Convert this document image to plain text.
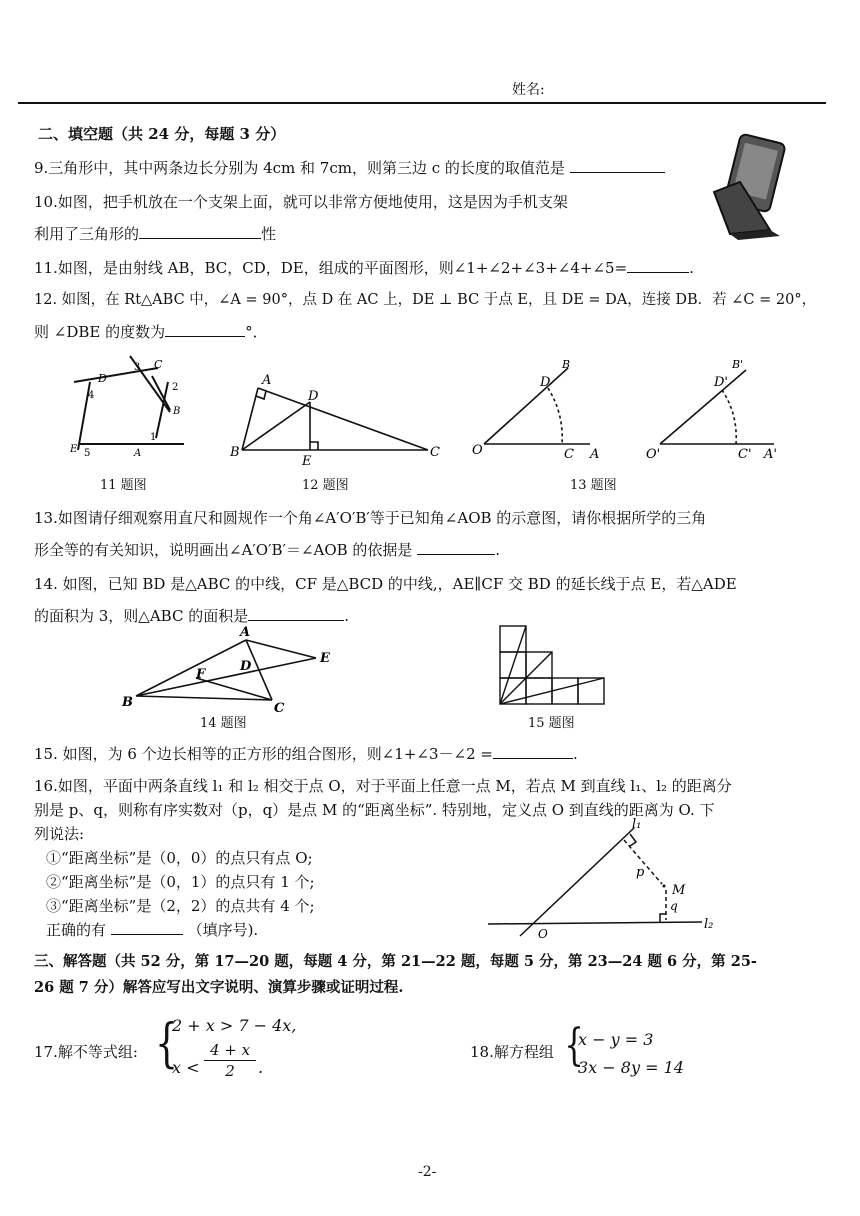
姓名:
二、填空题（共 24 分，每题 3 分）
9.三角形中，其中两条边长分别为 4cm 和 7cm，则第三边 c 的长度的取值范是
10.如图，把手机放在一个支架上面，就可以非常方便地使用，这是因为手机支架
利用了三角形的	性
11.如图，是由射线 AB，BC，CD，DE，组成的平面图形，则∠1+∠2+∠3+∠4+∠5=	.
12. 如图，在 Rt△ABC 中，∠A = 90°，点 D 在 AC 上，DE ⊥ BC 于点 E，且 DE = DA，连接 DB．若 ∠C = 20°，
则 ∠DBE 的度数为	°．
D
C
3
4
2
B
1
A
5
E
A
D
B
E
C O
D
B
C A	O'
D'
B'
C' A'
11 题图	12 题图	13 题图
13.如图请仔细观察用直尺和圆规作一个角∠A′O′B′等于已知角∠AOB 的示意图，请你根据所学的三角
形全等的有关知识，说明画出∠A′O′B′＝∠AOB 的依据是	.
14. 如图，已知 BD 是△ABC 的中线，CF 是△BCD 的中线,，AE∥CF 交 BD 的延长线于点 E，若△ADE
的面积为 3，则△ABC 的面积是	.
A
E
D
F
B	C
14 题图	15 题图
15. 如图，为 6 个边长相等的正方形的组合图形，则∠1+∠3－∠2 =	.
16.如图，平面中两条直线 l₁ 和 l₂ 相交于点 O，对于平面上任意一点 M，若点 M 到直线 l₁、l₂ 的距离分
别是 p、q，则称有序实数对（p，q）是点 M 的“距离坐标”. 特别地，定义点 O 到直线的距离为 O. 下
列说法:
①“距离坐标”是（0，0）的点只有点 O;
②“距离坐标”是（0，1）的点只有 1 个;
③“距离坐标”是（2，2）的点共有 4 个;
正确的有	（填序号).
l₁
l₂
p
q
M
O
三、解答题（共 52 分，第 17—20 题，每题 4 分，第 21—22 题，每题 5 分，第 23—24 题 6 分，第 25-
26 题 7 分）解答应写出文字说明、演算步骤或证明过程.
17.解不等式组: {
2 + x > 7 − 4x,
$x < \frac{4 + x}{2}$ .
18.解方程组 {
x − y = 3
3x − 8y = 14
-2-
